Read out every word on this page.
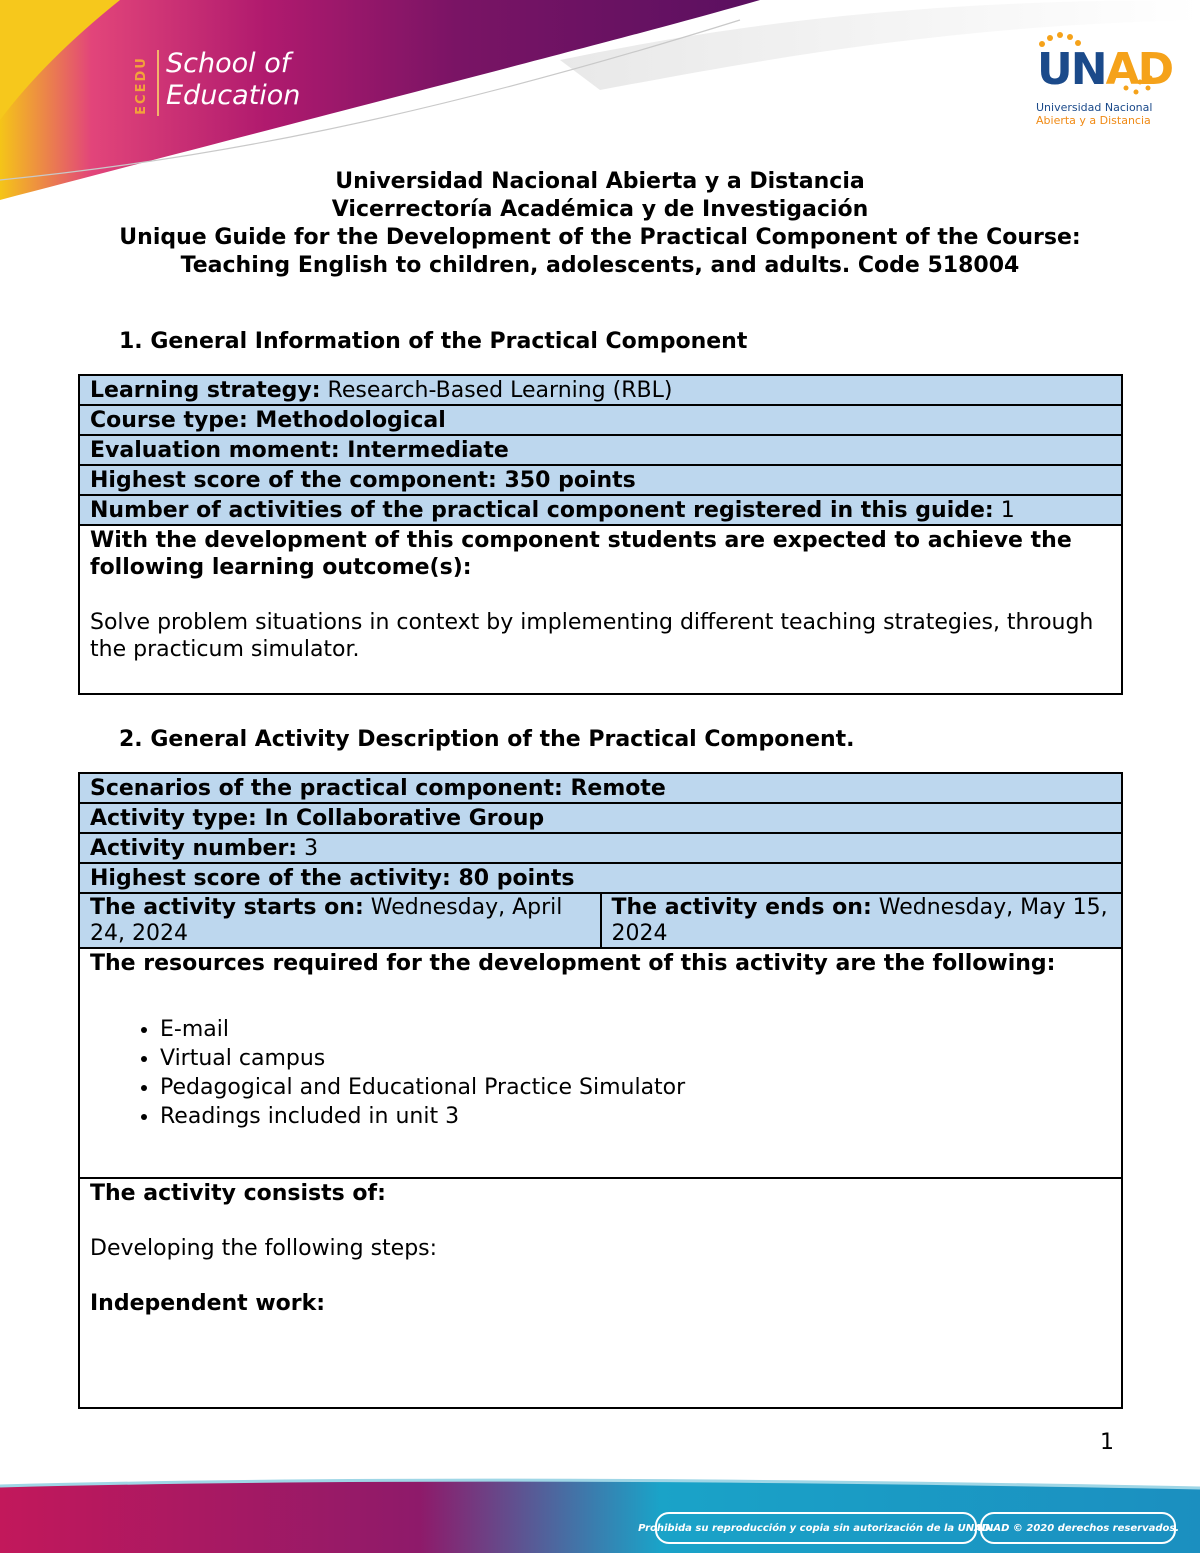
ECEDU School of
Education
UNAD
Universidad Nacional
Abierta y a Distancia
Universidad Nacional Abierta y a Distancia
Vicerrectoría Académica y de Investigación
Unique Guide for the Development of the Practical Component of the Course:
Teaching English to children, adolescents, and adults. Code 518004
1. General Information of the Practical Component
Learning strategy: Research-Based Learning (RBL)
Course type: Methodological
Evaluation moment: Intermediate
Highest score of the component: 350 points
Number of activities of the practical component registered in this guide: 1
With the development of this component students are expected to achieve the following learning outcome(s):

Solve problem situations in context by implementing different teaching strategies, through the practicum simulator.

2. General Activity Description of the Practical Component.
Scenarios of the practical component: Remote
Activity type: In Collaborative Group
Activity number: 3
Highest score of the activity: 80 points
The activity starts on: Wednesday, April 24, 2024	The activity ends on: Wednesday, May 15, 2024
The resources required for the development of this activity are the following:
• E-mail
• Virtual campus
• Pedagogical and Educational Practice Simulator
• Readings included in unit 3

The activity consists of:

Developing the following steps:

Independent work:

1
Prohibida su reproducción y copia sin autorización de la UNAD.
UNAD © 2020 derechos reservados.
